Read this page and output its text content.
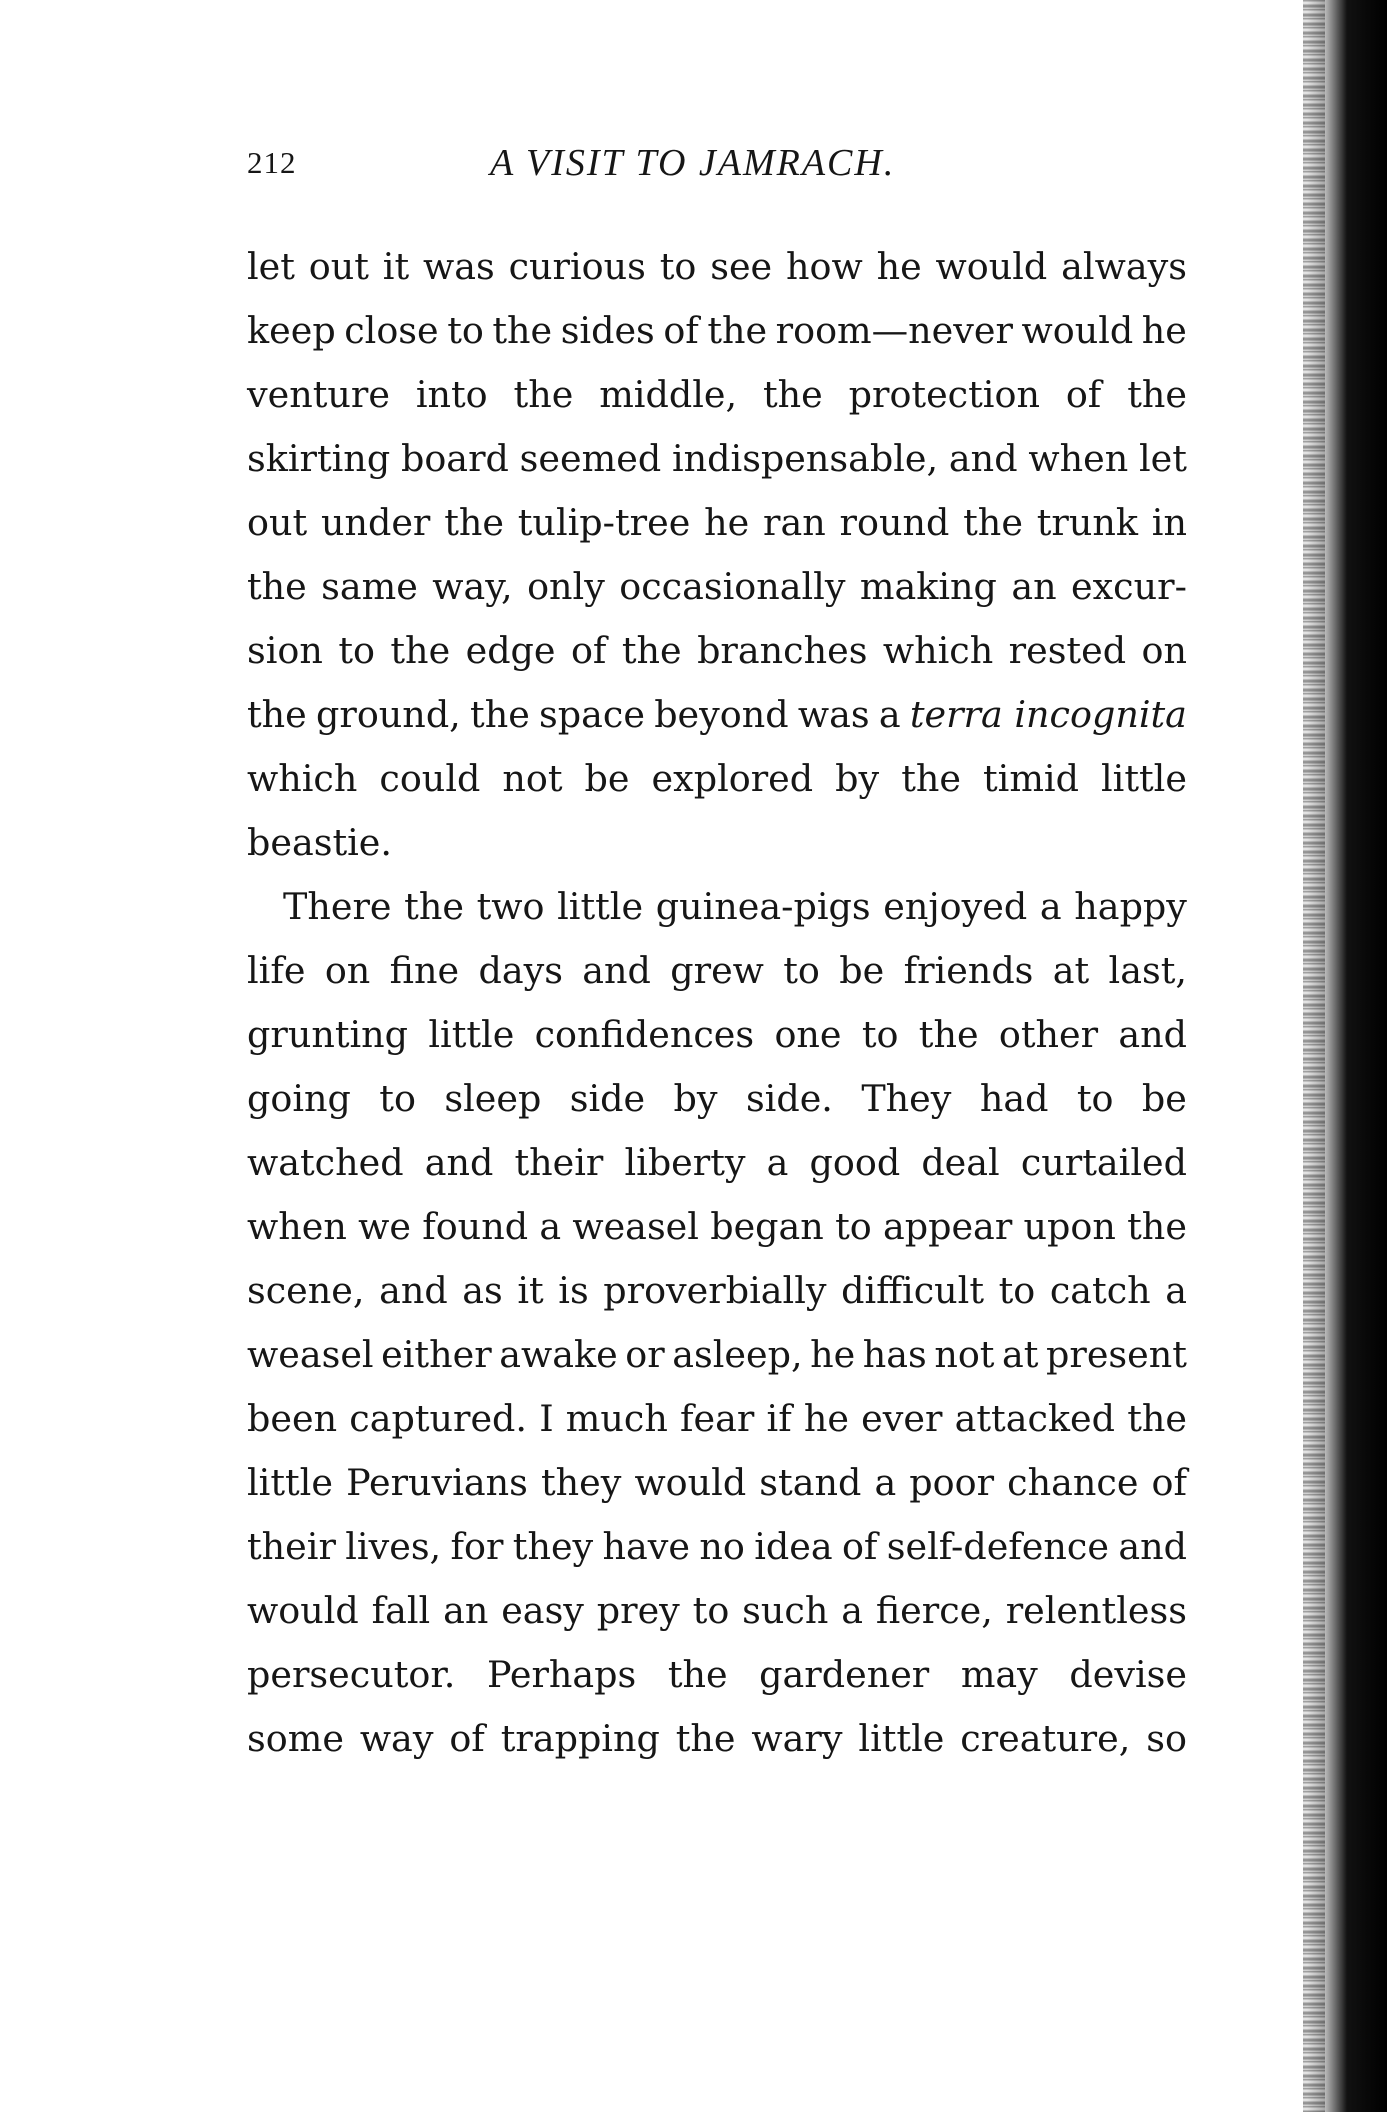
212	A VISIT TO JAMRACH.
let out it was curious to see how he would always
keep close to the sides of the room—never would he
venture into the middle, the protection of the
skirting board seemed indispensable, and when let
out under the tulip-tree he ran round the trunk in
the same way, only occasionally making an excur-
sion to the edge of the branches which rested on
the ground, the space beyond was a terra incognita
which could not be explored by the timid little
beastie.
There the two little guinea-pigs enjoyed a happy
life on fine days and grew to be friends at last,
grunting little confidences one to the other and
going to sleep side by side. They had to be
watched and their liberty a good deal curtailed
when we found a weasel began to appear upon the
scene, and as it is proverbially difficult to catch a
weasel either awake or asleep, he has not at present
been captured. I much fear if he ever attacked the
little Peruvians they would stand a poor chance of
their lives, for they have no idea of self-defence and
would fall an easy prey to such a fierce, relentless
persecutor. Perhaps the gardener may devise
some way of trapping the wary little creature, so
